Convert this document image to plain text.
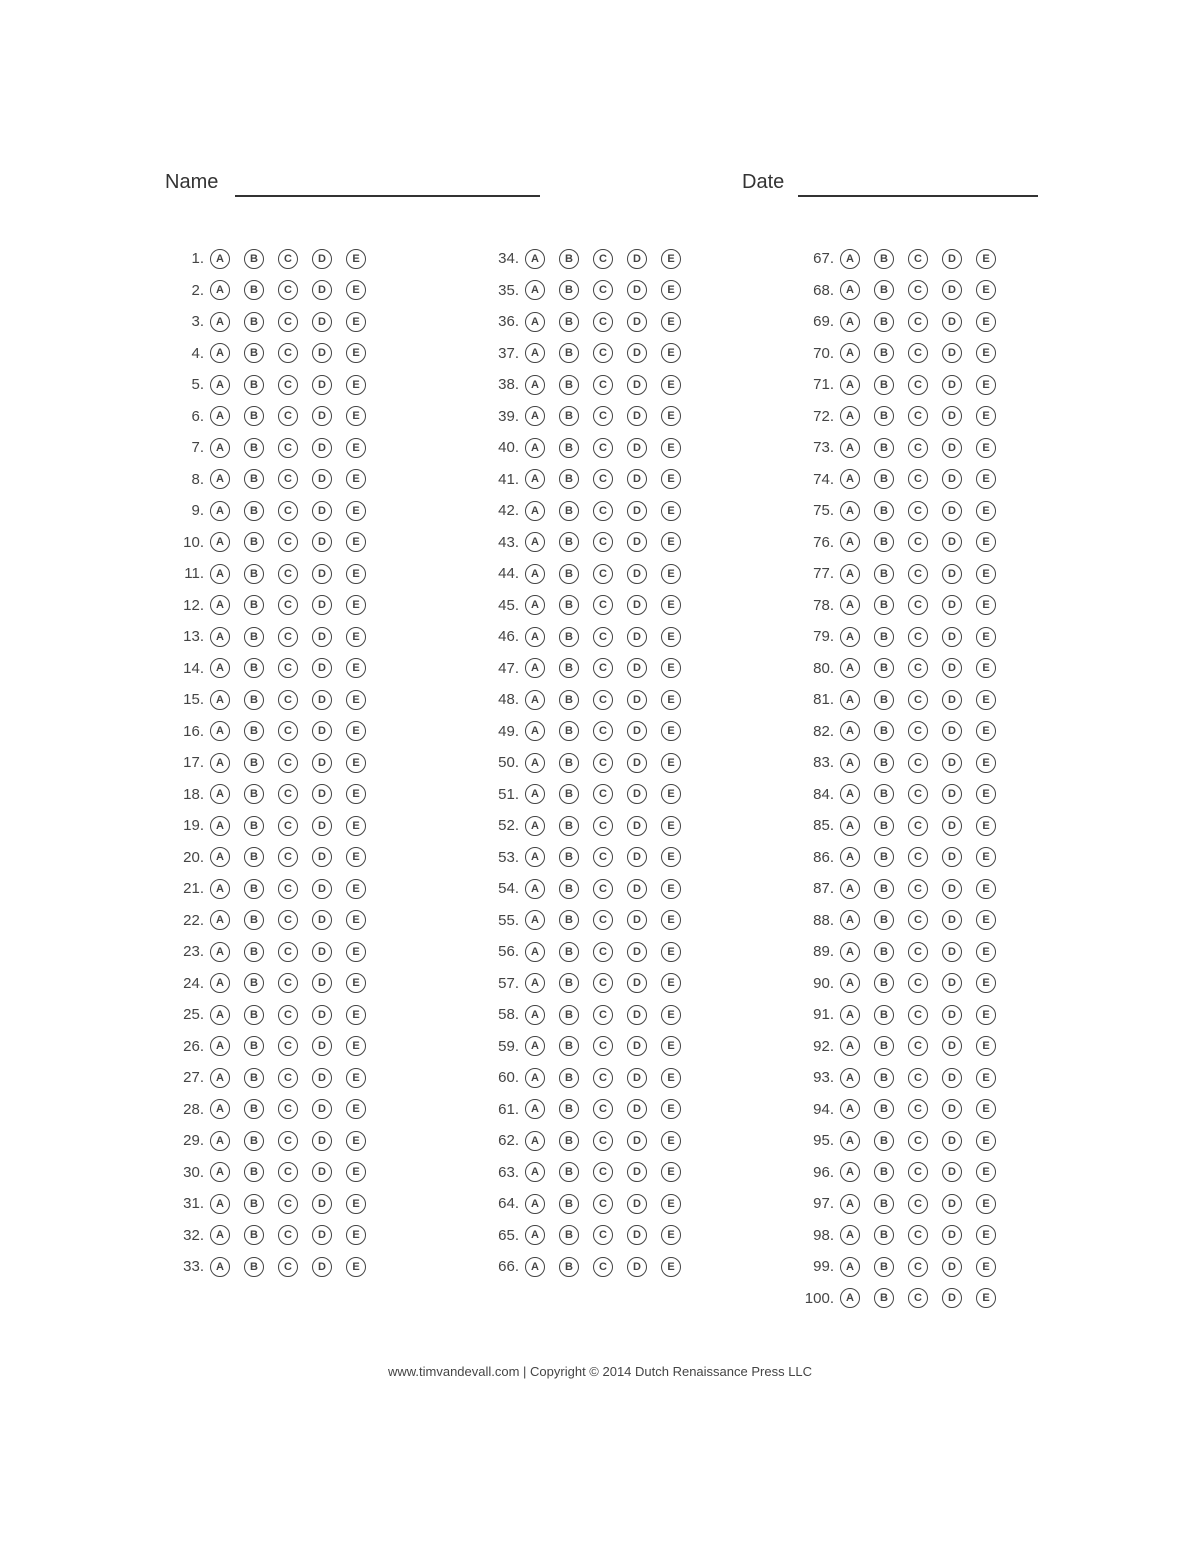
Name	Date
1.	A	B	C	D	E
2.	A	B	C	D	E
3.	A	B	C	D	E
4.	A	B	C	D	E
5.	A	B	C	D	E
6.	A	B	C	D	E
7.	A	B	C	D	E
8.	A	B	C	D	E
9.	A	B	C	D	E
10.	A	B	C	D	E
11.	A	B	C	D	E
12.	A	B	C	D	E
13.	A	B	C	D	E
14.	A	B	C	D	E
15.	A	B	C	D	E
16.	A	B	C	D	E
17.	A	B	C	D	E
18.	A	B	C	D	E
19.	A	B	C	D	E
20.	A	B	C	D	E
21.	A	B	C	D	E
22.	A	B	C	D	E
23.	A	B	C	D	E
24.	A	B	C	D	E
25.	A	B	C	D	E
26.	A	B	C	D	E
27.	A	B	C	D	E
28.	A	B	C	D	E
29.	A	B	C	D	E
30.	A	B	C	D	E
31.	A	B	C	D	E
32.	A	B	C	D	E
33.	A	B	C	D	E
34.	A	B	C	D	E
35.	A	B	C	D	E
36.	A	B	C	D	E
37.	A	B	C	D	E
38.	A	B	C	D	E
39.	A	B	C	D	E
40.	A	B	C	D	E
41.	A	B	C	D	E
42.	A	B	C	D	E
43.	A	B	C	D	E
44.	A	B	C	D	E
45.	A	B	C	D	E
46.	A	B	C	D	E
47.	A	B	C	D	E
48.	A	B	C	D	E
49.	A	B	C	D	E
50.	A	B	C	D	E
51.	A	B	C	D	E
52.	A	B	C	D	E
53.	A	B	C	D	E
54.	A	B	C	D	E
55.	A	B	C	D	E
56.	A	B	C	D	E
57.	A	B	C	D	E
58.	A	B	C	D	E
59.	A	B	C	D	E
60.	A	B	C	D	E
61.	A	B	C	D	E
62.	A	B	C	D	E
63.	A	B	C	D	E
64.	A	B	C	D	E
65.	A	B	C	D	E
66.	A	B	C	D	E
67.	A	B	C	D	E
68.	A	B	C	D	E
69.	A	B	C	D	E
70.	A	B	C	D	E
71.	A	B	C	D	E
72.	A	B	C	D	E
73.	A	B	C	D	E
74.	A	B	C	D	E
75.	A	B	C	D	E
76.	A	B	C	D	E
77.	A	B	C	D	E
78.	A	B	C	D	E
79.	A	B	C	D	E
80.	A	B	C	D	E
81.	A	B	C	D	E
82.	A	B	C	D	E
83.	A	B	C	D	E
84.	A	B	C	D	E
85.	A	B	C	D	E
86.	A	B	C	D	E
87.	A	B	C	D	E
88.	A	B	C	D	E
89.	A	B	C	D	E
90.	A	B	C	D	E
91.	A	B	C	D	E
92.	A	B	C	D	E
93.	A	B	C	D	E
94.	A	B	C	D	E
95.	A	B	C	D	E
96.	A	B	C	D	E
97.	A	B	C	D	E
98.	A	B	C	D	E
99.	A	B	C	D	E
100.	A	B	C	D	E
www.timvandevall.com | Copyright © 2014 Dutch Renaissance Press LLC
